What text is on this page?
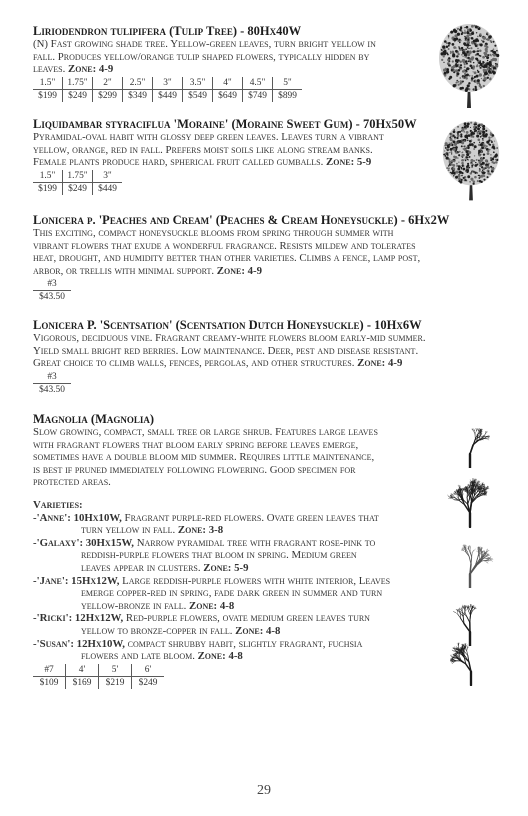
Liriodendron tulipifera (Tulip Tree) - 80Hx40W

(N) Fast growing shade tree. Yellow-green leaves, turn bright yellow in
fall. Produces yellow/orange tulip shaped flowers, typically hidden by
leaves. Zone: 4-9

1.5"	1.75"	2"	2.5"	3"	3.5"	4"	4.5"	5"
$199	$249	$299	$349	$449	$549	$649	$749	$899

Liquidambar styraciflua 'Moraine' (Moraine Sweet Gum) - 70Hx50W

Pyramidal-oval habit with glossy deep green leaves. Leaves turn a vibrant
yellow, orange, red in fall. Prefers moist soils like along stream banks.
Female plants produce hard, spherical fruit called gumballs. Zone: 5-9

1.5"	1.75"	3"
$199	$249	$449

Lonicera p. 'Peaches and Cream' (Peaches & Cream Honeysuckle) - 6Hx2W

This exciting, compact honeysuckle blooms from spring through summer with
vibrant flowers that exude a wonderful fragrance. Resists mildew and tolerates
heat, drought, and humidity better than other varieties. Climbs a fence, lamp post,
arbor, or trellis with minimal support. Zone: 4-9

#3
$43.50

Lonicera P. 'Scentsation' (Scentsation Dutch Honeysuckle) - 10Hx6W

Vigorous, deciduous vine. Fragrant creamy-white flowers bloom early-mid summer.
Yield small bright red berries. Low maintenance. Deer, pest and disease resistant.
Great choice to climb walls, fences, pergolas, and other structures. Zone: 4-9

#3
$43.50

Magnolia (Magnolia)

Slow growing, compact, small tree or large shrub. Features large leaves
with fragrant flowers that bloom early spring before leaves emerge,
sometimes have a double bloom mid summer. Requires little maintenance,
is best if pruned immediately following flowering. Good specimen for
protected areas.

Varieties:

-'Anne': 10Hx10W, Fragrant purple-red flowers. Ovate green leaves that
turn yellow in fall. Zone: 3-8

-'Galaxy': 30Hx15W, Narrow pyramidal tree with fragrant rose-pink to
reddish-purple flowers that bloom in spring. Medium green
leaves appear in clusters. Zone: 5-9

-'Jane': 15Hx12W, Large reddish-purple flowers with white interior, Leaves
emerge copper-red in spring, fade dark green in summer and turn
yellow-bronze in fall. Zone: 4-8

-'Ricki': 12Hx12W, Red-purple flowers, ovate medium green leaves turn
yellow to bronze-copper in fall. Zone: 4-8

-'Susan': 12Hx10W, compact shrubby habit, slightly fragrant, fuchsia
flowers and late bloom. Zone: 4-8

#7	4'	5'	6'
$109	$169	$219	$249
29
